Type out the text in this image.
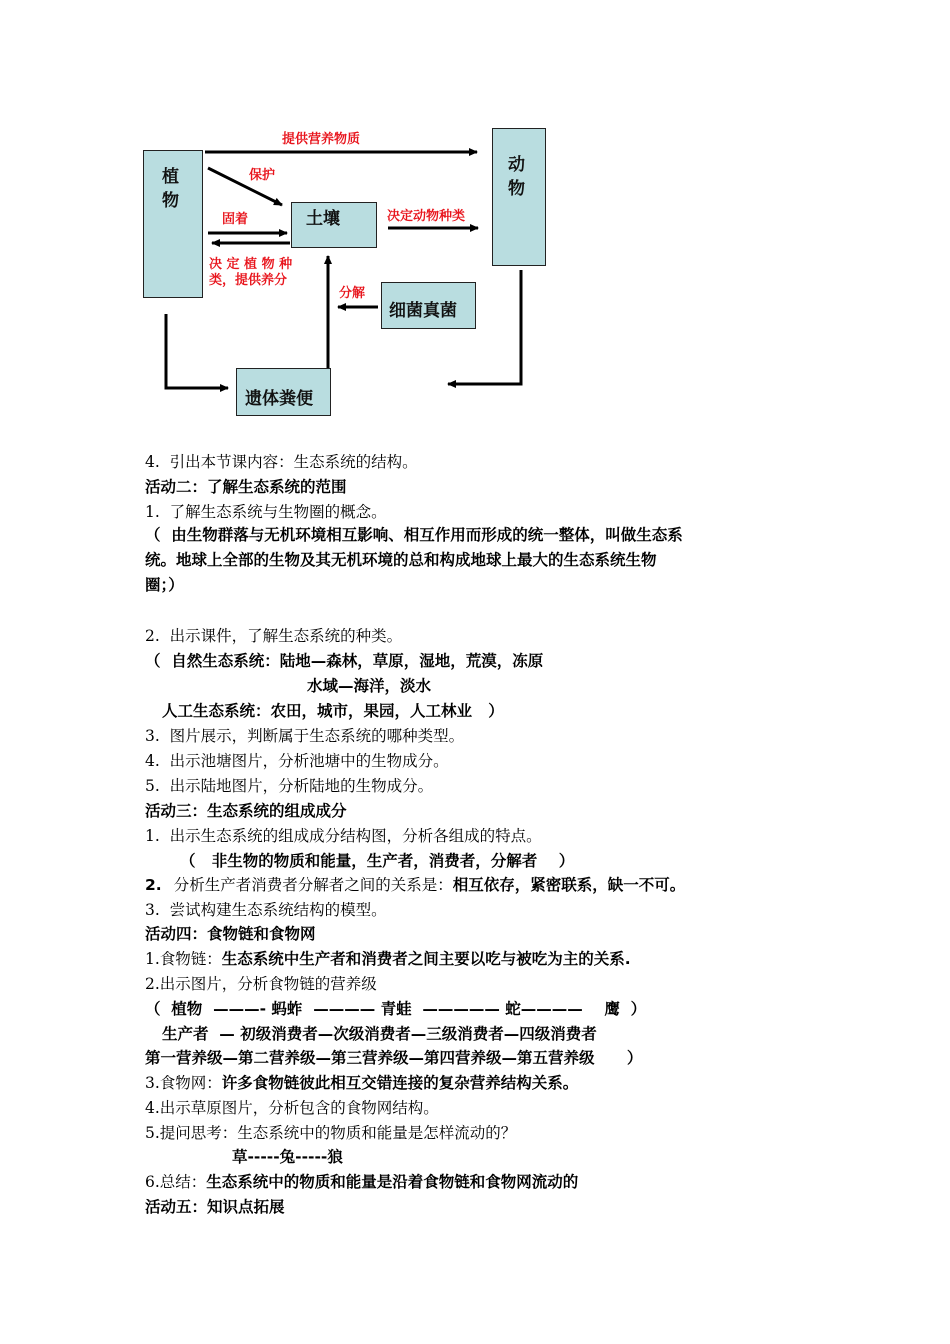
植物
动物
土壤
细菌真菌
遗体粪便
提供营养物质
保护
固着	决定动物种类
决 定 植 物 种
类，提供养分
分解
4.  引出本节课内容：生态系统的结构。
活动二：了解生态系统的范围
1.  了解生态系统与生物圈的概念。
（  由生物群落与无机环境相互影响、相互作用而形成的统一整体，叫做生态系
统。地球上全部的生物及其无机环境的总和构成地球上最大的生态系统生物
圈；）
2.  出示课件，了解生态系统的种类。
（  自然生态系统：陆地—森林，草原，湿地，荒漠，冻原
水域—海洋，淡水
人工生态系统：农田，城市，果园，人工林业   ）
3.  图片展示，判断属于生态系统的哪种类型。
4.  出示池塘图片，分析池塘中的生物成分。
5.  出示陆地图片，分析陆地的生物成分。
活动三：生态系统的组成成分
1.  出示生态系统的组成成分结构图，分析各组成的特点。
（   非生物的物质和能量，生产者，消费者，分解者    ）
2. 分析生产者消费者分解者之间的关系是：相互依存，紧密联系，缺一不可。
3.  尝试构建生态系统结构的模型。
活动四：食物链和食物网
1.食物链：生态系统中生产者和消费者之间主要以吃与被吃为主的关系.
2.出示图片，分析食物链的营养级
（  植物  ———- 蚂蚱  ———— 青蛙  ————— 蛇————    鹰  ）
生产者  — 初级消费者—次级消费者—三级消费者—四级消费者
第一营养级—第二营养级—第三营养级—第四营养级—第五营养级      ）
3.食物网：许多食物链彼此相互交错连接的复杂营养结构关系。
4.出示草原图片，分析包含的食物网结构。
5.提问思考：生态系统中的物质和能量是怎样流动的？
草-----兔-----狼
6.总结：生态系统中的物质和能量是沿着食物链和食物网流动的
活动五：知识点拓展
